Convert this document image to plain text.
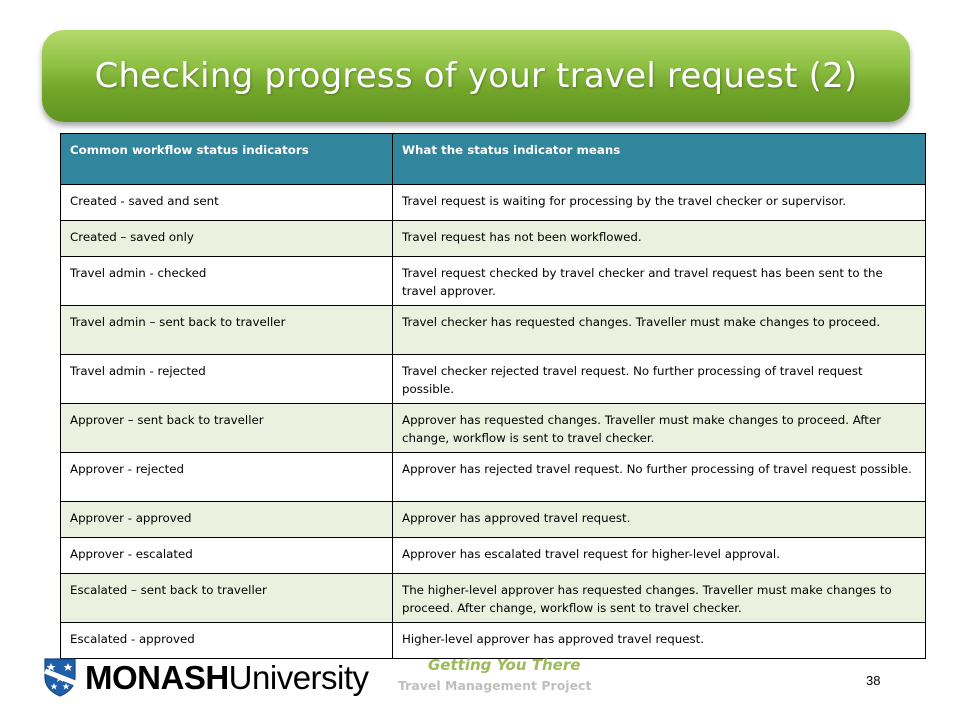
Checking progress of your travel request (2)
Common workflow status indicators	What the status indicator means
Created - saved and sent	Travel request is waiting for processing by the travel checker or supervisor.
Created – saved only	Travel request has not been workflowed.
Travel admin - checked	Travel request checked by travel checker and travel request has been sent to the travel approver.
Travel admin – sent back to traveller	Travel checker has requested changes. Traveller must make changes to proceed.
Travel admin - rejected	Travel checker rejected travel request. No further processing of travel request possible.
Approver – sent back to traveller	Approver has requested changes. Traveller must make changes to proceed. After change, workflow is sent to travel checker.
Approver - rejected	Approver has rejected travel request. No further processing of travel request possible.
Approver - approved	Approver has approved travel request.
Approver - escalated	Approver has escalated travel request for higher-level approval.
Escalated – sent back to traveller	The higher-level approver has requested changes. Traveller must make changes to proceed. After change, workflow is sent to travel checker.
Escalated - approved	Higher-level approver has approved travel request.
MONASHUniversity	Getting You There
Travel Management Project	38
